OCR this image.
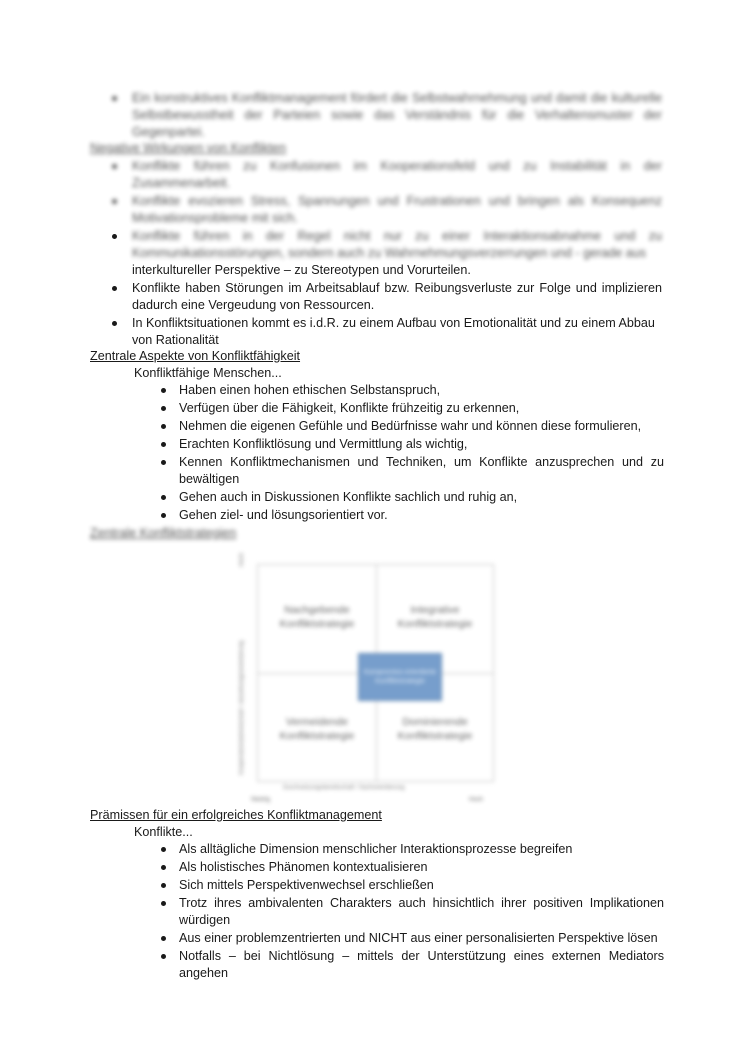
Ein konstruktives Konfliktmanagement fördert die Selbstwahrnehmung und damit die kulturelle Selbstbewusstheit der Parteien sowie das Verständnis für die Verhaltensmuster der Gegenpartei.
Negative Wirkungen von Konflikten
Konflikte führen zu Konfusionen im Kooperationsfeld und zu Instabilität in der Zusammenarbeit.
Konflikte evozieren Stress, Spannungen und Frustrationen und bringen als Konsequenz Motivationsprobleme mit sich.
Konflikte führen in der Regel nicht nur zu einer Interaktionsabnahme und zu Kommunikationsstörungen, sondern auch zu Wahrnehmungsverzerrungen und - gerade aus
interkultureller Perspektive – zu Stereotypen und Vorurteilen.
Konflikte haben Störungen im Arbeitsablauf bzw. Reibungsverluste zur Folge und implizieren dadurch eine Vergeudung von Ressourcen.
In Konfliktsituationen kommt es i.d.R. zu einem Aufbau von Emotionalität und zu einem Abbau von Rationalität
Zentrale Aspekte von Konfliktfähigkeit
Konfliktfähige Menschen...
Haben einen hohen ethischen Selbstanspruch,
Verfügen über die Fähigkeit, Konflikte frühzeitig zu erkennen,
Nehmen die eigenen Gefühle und Bedürfnisse wahr und können diese formulieren,
Erachten Konfliktlösung und Vermittlung als wichtig,
Kennen Konfliktmechanismen und Techniken, um Konflikte anzusprechen und zu bewältigen
Gehen auch in Diskussionen Konflikte sachlich und ruhig an,
Gehen ziel- und lösungsorientiert vor.
Zentrale Konfliktstrategien
Kooperationsbereitschaft / Beziehungsorientierung
Nachgebende Konfliktstrategie
Integrative Konfliktstrategie
Vermeidende Konfliktstrategie
Dominierende Konfliktstrategie
Kompromiss-orientierte Konfliktstrategie
Durchsetzungsbereitschaft / Sachorientierung
Niedrig	Hoch
Hoch
Prämissen für ein erfolgreiches Konfliktmanagement
Konflikte...
Als alltägliche Dimension menschlicher Interaktionsprozesse begreifen
Als holistisches Phänomen kontextualisieren
Sich mittels Perspektivenwechsel erschließen
Trotz ihres ambivalenten Charakters auch hinsichtlich ihrer positiven Implikationen würdigen
Aus einer problemzentrierten und NICHT aus einer personalisierten Perspektive lösen
Notfalls – bei Nichtlösung – mittels der Unterstützung eines externen Mediators angehen
